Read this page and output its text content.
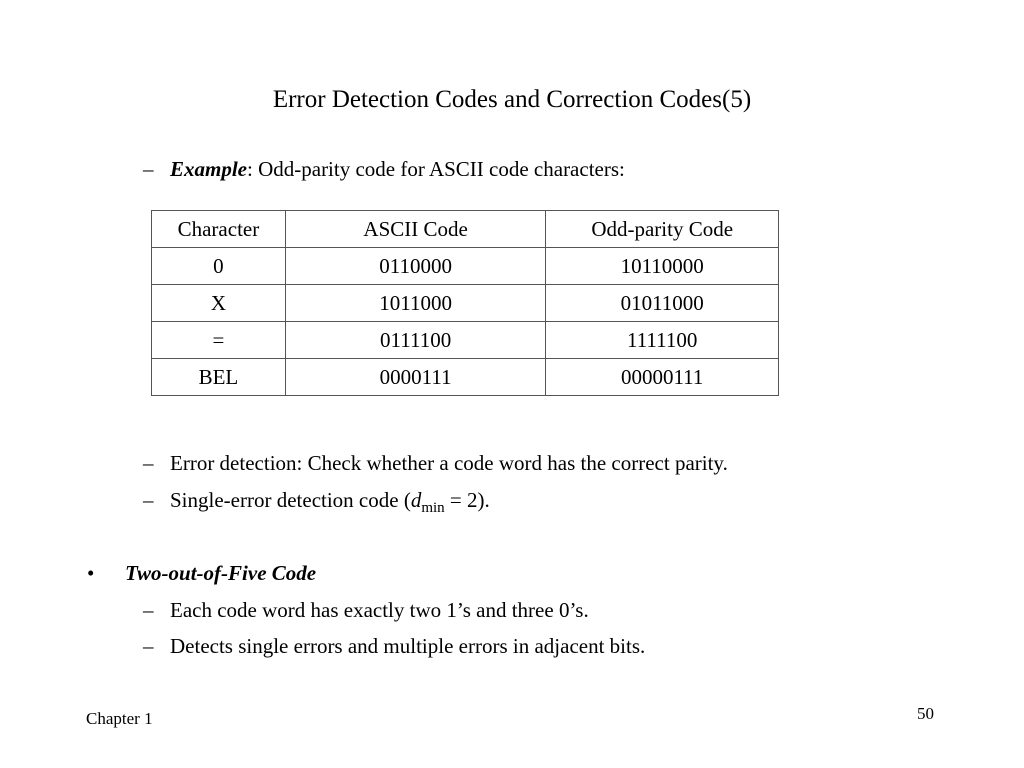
Error Detection Codes and Correction Codes(5)
– Example: Odd-parity code for ASCII code characters:
Character	ASCII Code	Odd-parity Code
0	0110000	10110000
X	1011000	01011000
=	0111100	1111100
BEL	0000111	00000111
– Error detection: Check whether a code word has the correct parity.
– Single-error detection code $(d_{min} = 2)$.
• Two-out-of-Five Code
– Each code word has exactly two 1’s and three 0’s.
– Detects single errors and multiple errors in adjacent bits.
Chapter 1	50
